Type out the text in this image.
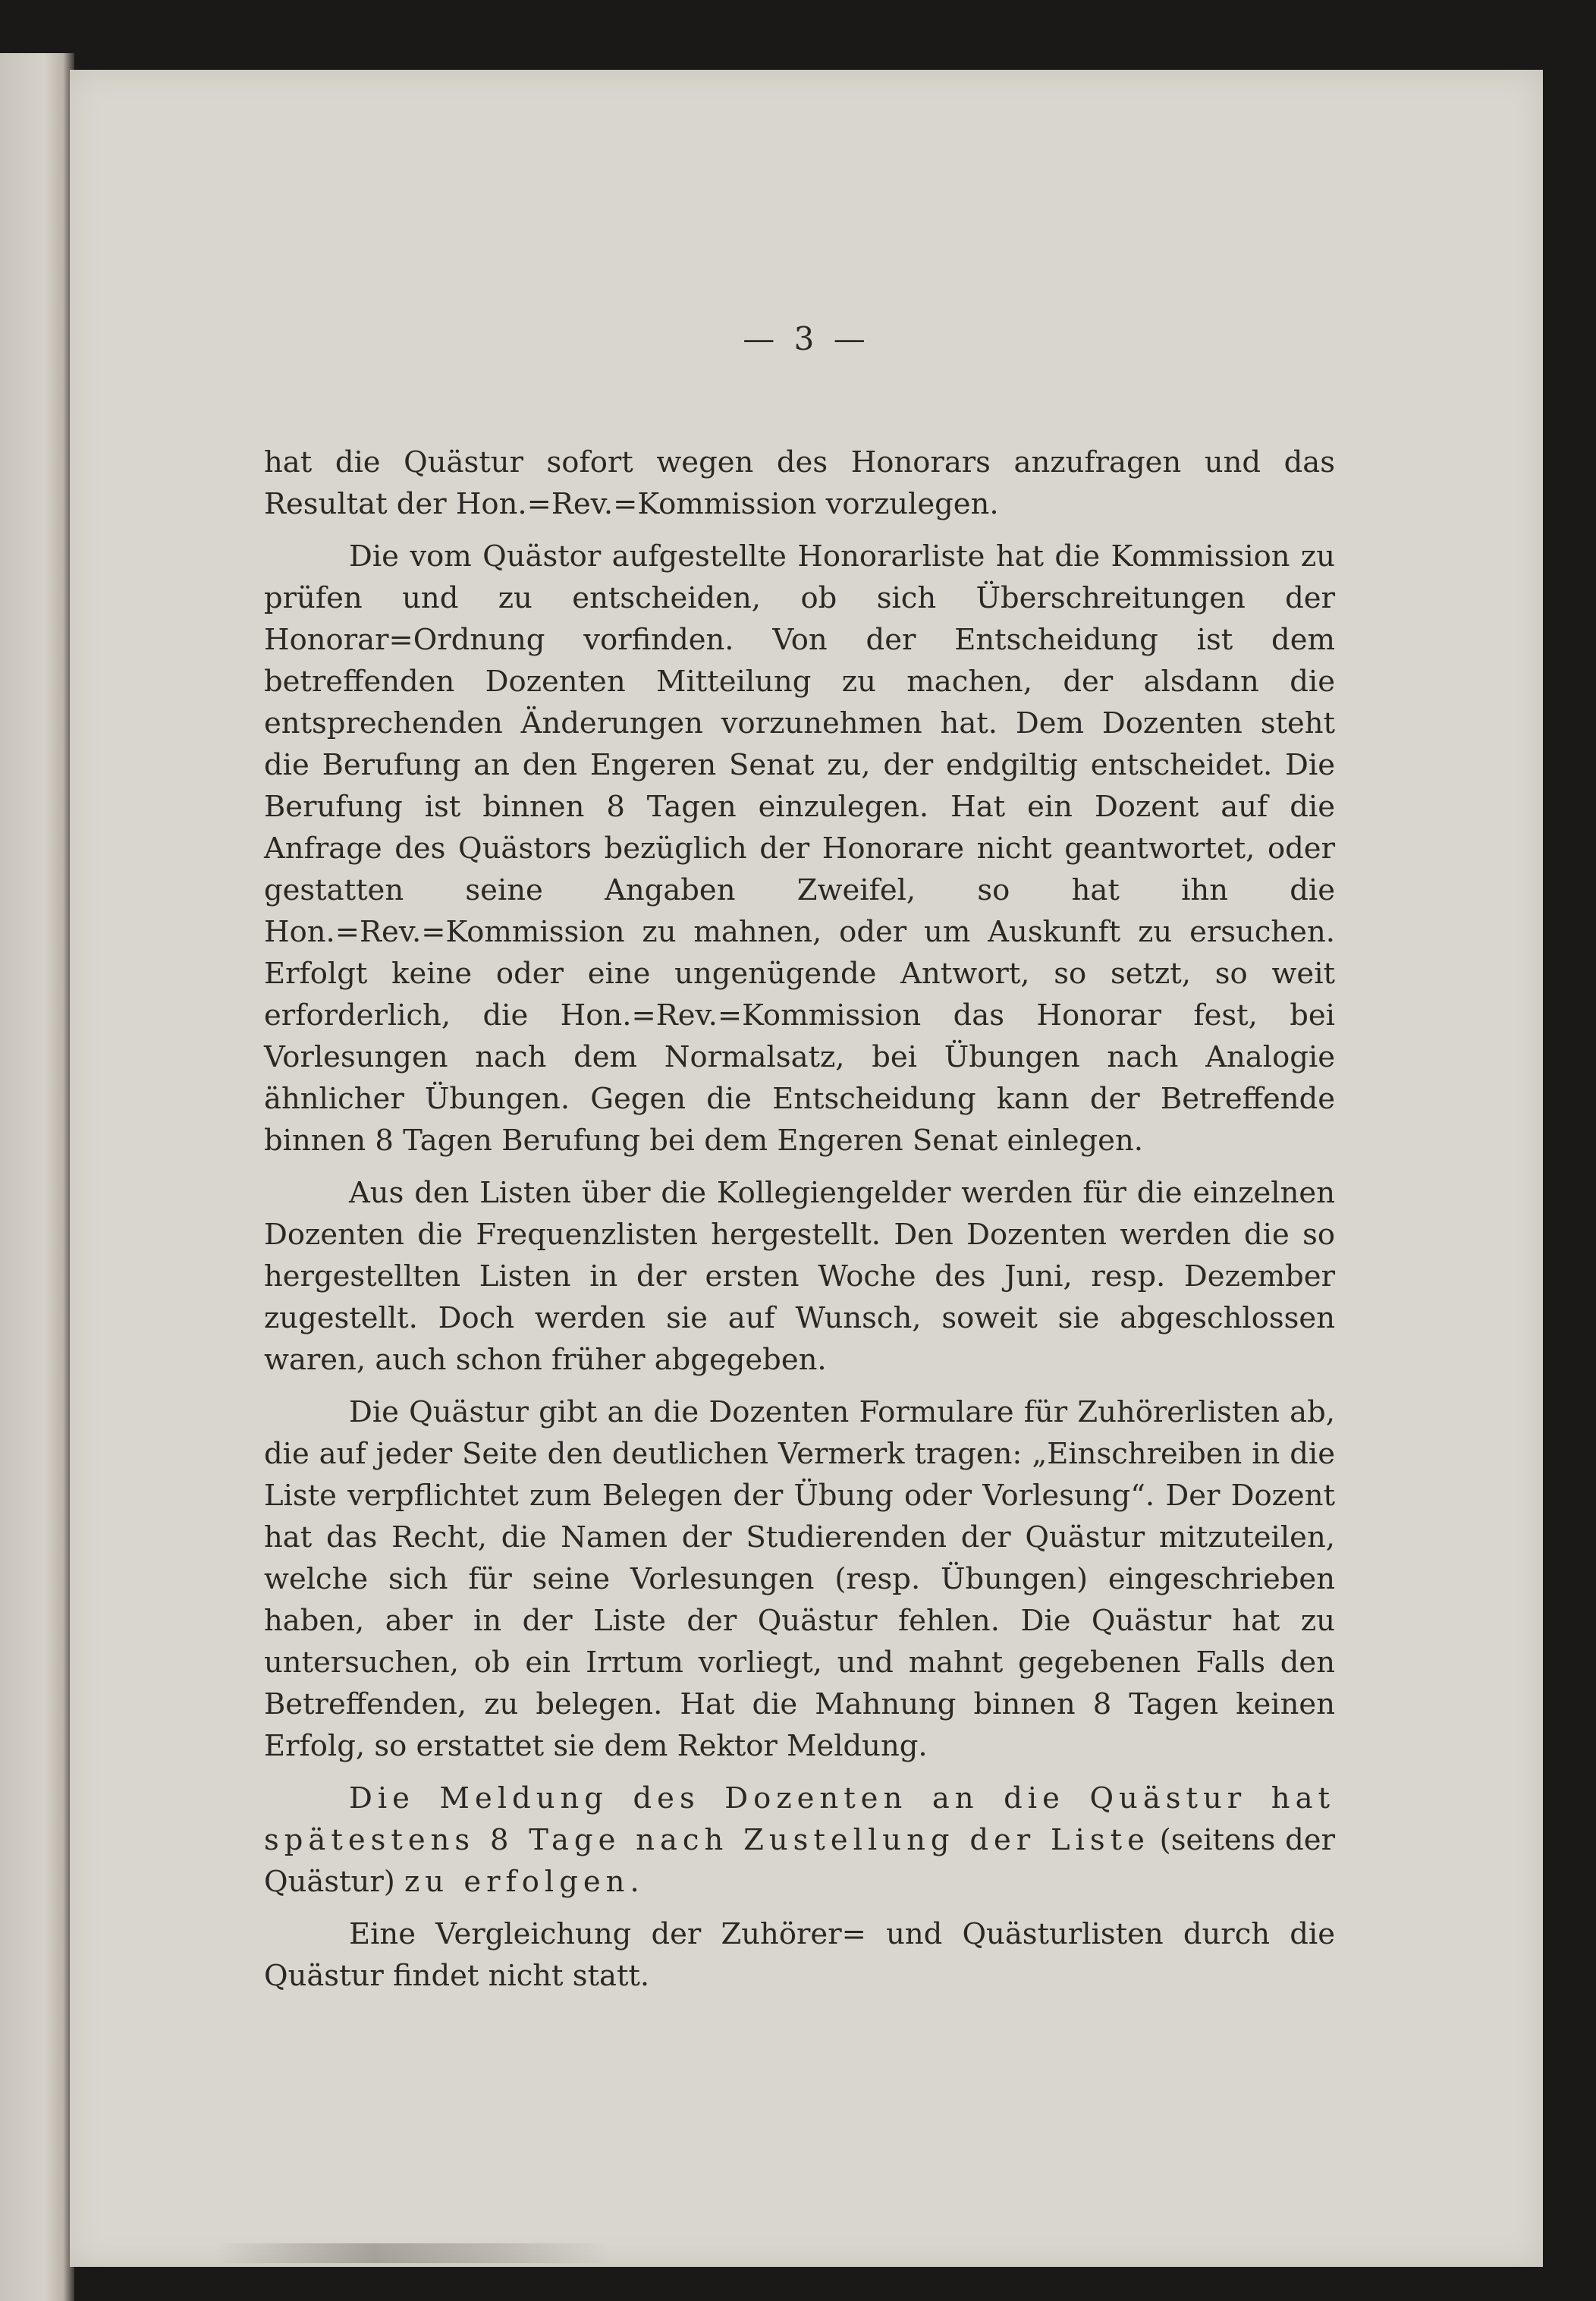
— 3 —

hat die Quästur sofort wegen des Honorars anzufragen und das Resultat der Hon.=Rev.=Kommission vorzulegen.

Die vom Quästor aufgestellte Honorarliste hat die Kommission zu prüfen und zu entscheiden, ob sich Überschreitungen der Honorar=Ordnung vorfinden. Von der Entscheidung ist dem betreffenden Dozenten Mitteilung zu machen, der alsdann die entsprechenden Änderungen vorzunehmen hat. Dem Dozenten steht die Berufung an den Engeren Senat zu, der endgiltig entscheidet. Die Berufung ist binnen 8 Tagen einzulegen. Hat ein Dozent auf die Anfrage des Quästors bezüglich der Honorare nicht geantwortet, oder gestatten seine Angaben Zweifel, so hat ihn die Hon.=Rev.=Kommission zu mahnen, oder um Auskunft zu ersuchen. Erfolgt keine oder eine ungenügende Antwort, so setzt, so weit erforderlich, die Hon.=Rev.=Kommission das Honorar fest, bei Vorlesungen nach dem Normalsatz, bei Übungen nach Analogie ähnlicher Übungen. Gegen die Entscheidung kann der Betreffende binnen 8 Tagen Berufung bei dem Engeren Senat einlegen.

Aus den Listen über die Kollegiengelder werden für die einzelnen Dozenten die Frequenzlisten hergestellt. Den Dozenten werden die so hergestellten Listen in der ersten Woche des Juni, resp. Dezember zugestellt. Doch werden sie auf Wunsch, soweit sie abgeschlossen waren, auch schon früher abgegeben.

Die Quästur gibt an die Dozenten Formulare für Zuhörerlisten ab, die auf jeder Seite den deutlichen Vermerk tragen: „Einschreiben in die Liste verpflichtet zum Belegen der Übung oder Vorlesung“. Der Dozent hat das Recht, die Namen der Studierenden der Quästur mitzuteilen, welche sich für seine Vorlesungen (resp. Übungen) eingeschrieben haben, aber in der Liste der Quästur fehlen. Die Quästur hat zu untersuchen, ob ein Irrtum vorliegt, und mahnt gegebenen Falls den Betreffenden, zu belegen. Hat die Mahnung binnen 8 Tagen keinen Erfolg, so erstattet sie dem Rektor Meldung.

Die Meldung des Dozenten an die Quästur hat spätestens 8 Tage nach Zustellung der Liste (seitens der Quästur) zu erfolgen.

Eine Vergleichung der Zuhörer= und Quästurlisten durch die Quästur findet nicht statt.
